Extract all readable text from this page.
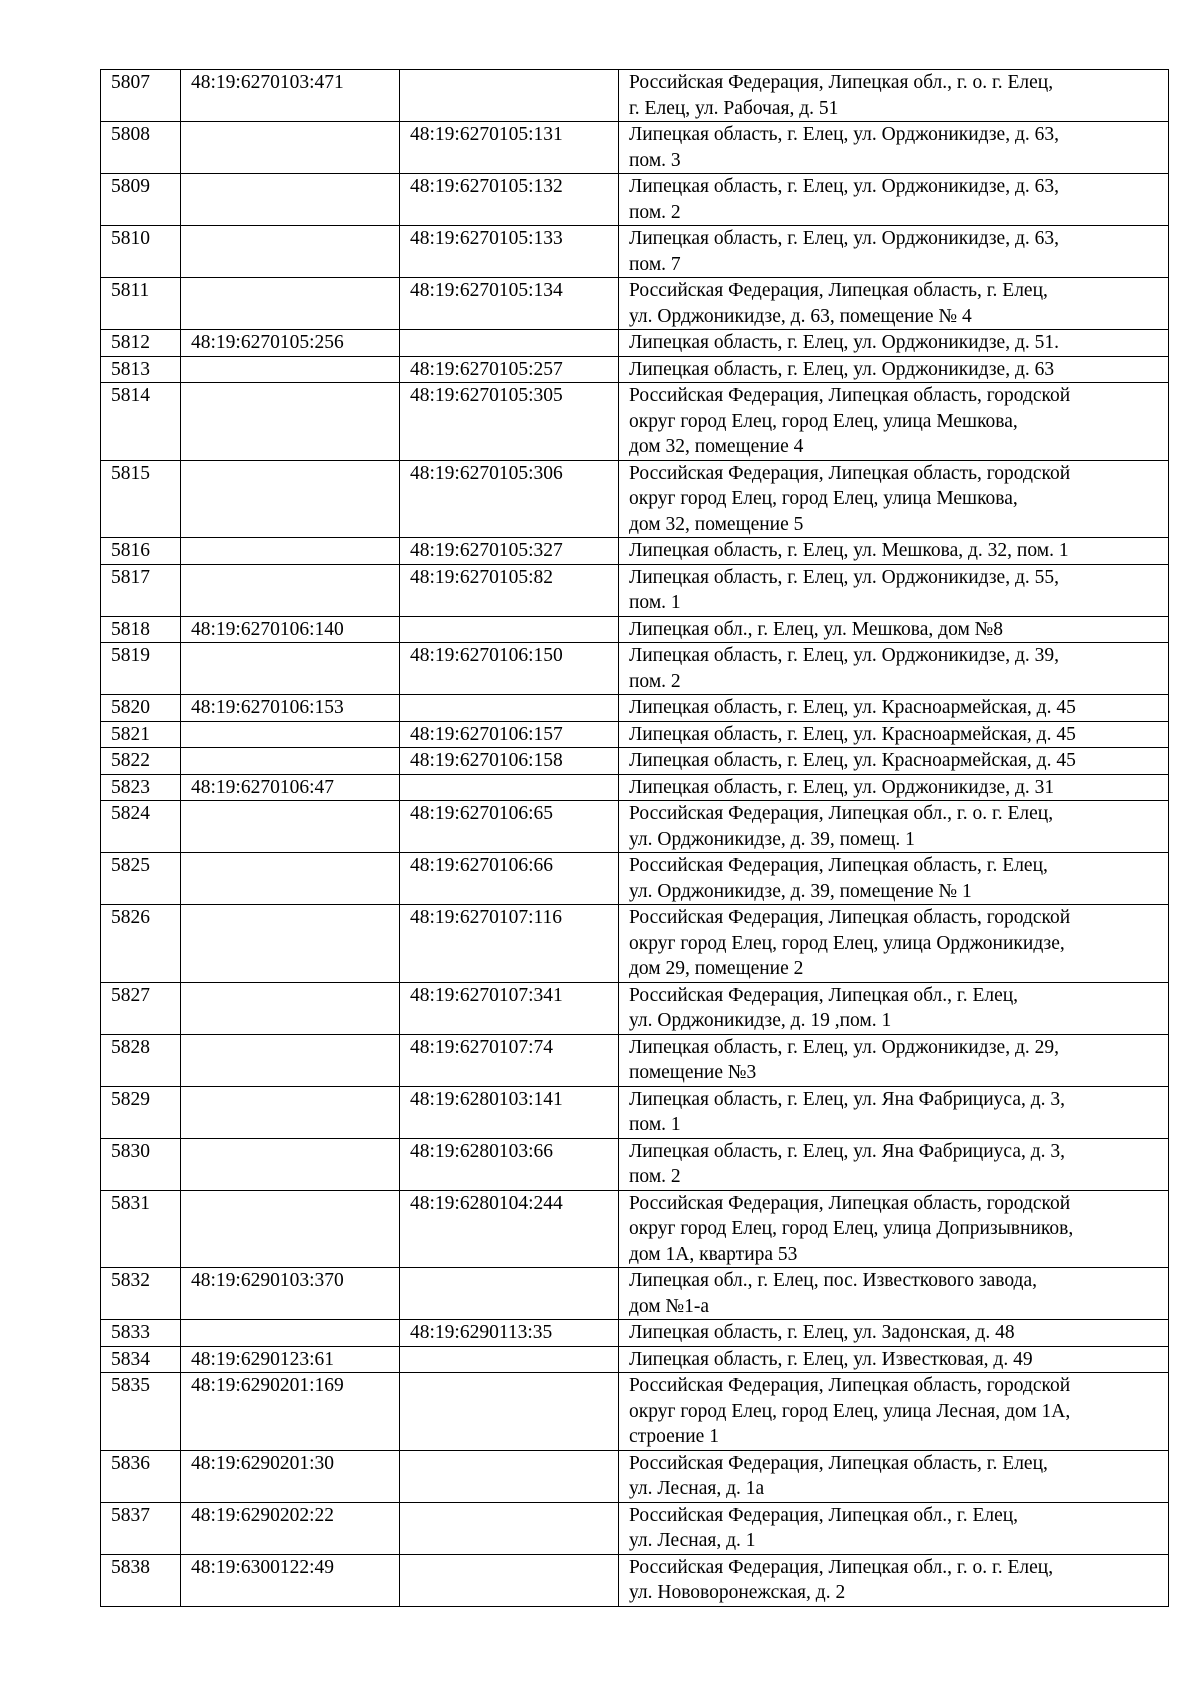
5807	48:19:6270103:471		Российская Федерация, Липецкая обл., г. о. г. Елец,
г. Елец, ул. Рабочая, д. 51
5808		48:19:6270105:131	Липецкая область, г. Елец, ул. Орджоникидзе, д. 63,
пом. 3
5809		48:19:6270105:132	Липецкая область, г. Елец, ул. Орджоникидзе, д. 63,
пом. 2
5810		48:19:6270105:133	Липецкая область, г. Елец, ул. Орджоникидзе, д. 63,
пом. 7
5811		48:19:6270105:134	Российская Федерация, Липецкая область, г. Елец,
ул. Орджоникидзе, д. 63, помещение № 4
5812	48:19:6270105:256		Липецкая область, г. Елец, ул. Орджоникидзе, д. 51.
5813		48:19:6270105:257	Липецкая область, г. Елец, ул. Орджоникидзе, д. 63
5814		48:19:6270105:305	Российская Федерация, Липецкая область, городской
округ город Елец, город Елец, улица Мешкова,
дом 32, помещение 4
5815		48:19:6270105:306	Российская Федерация, Липецкая область, городской
округ город Елец, город Елец, улица Мешкова,
дом 32, помещение 5
5816		48:19:6270105:327	Липецкая область, г. Елец, ул. Мешкова, д. 32, пом. 1
5817		48:19:6270105:82	Липецкая область, г. Елец, ул. Орджоникидзе, д. 55,
пом. 1
5818	48:19:6270106:140		Липецкая обл., г. Елец, ул. Мешкова, дом №8
5819		48:19:6270106:150	Липецкая область, г. Елец, ул. Орджоникидзе, д. 39,
пом. 2
5820	48:19:6270106:153		Липецкая область, г. Елец, ул. Красноармейская, д. 45
5821		48:19:6270106:157	Липецкая область, г. Елец, ул. Красноармейская, д. 45
5822		48:19:6270106:158	Липецкая область, г. Елец, ул. Красноармейская, д. 45
5823	48:19:6270106:47		Липецкая область, г. Елец, ул. Орджоникидзе, д. 31
5824		48:19:6270106:65	Российская Федерация, Липецкая обл., г. о. г. Елец,
ул. Орджоникидзе, д. 39, помещ. 1
5825		48:19:6270106:66	Российская Федерация, Липецкая область, г. Елец,
ул. Орджоникидзе, д. 39, помещение № 1
5826		48:19:6270107:116	Российская Федерация, Липецкая область, городской
округ город Елец, город Елец, улица Орджоникидзе,
дом 29, помещение 2
5827		48:19:6270107:341	Российская Федерация, Липецкая обл., г. Елец,
ул. Орджоникидзе, д. 19 ,пом. 1
5828		48:19:6270107:74	Липецкая область, г. Елец, ул. Орджоникидзе, д. 29,
помещение №3
5829		48:19:6280103:141	Липецкая область, г. Елец, ул. Яна Фабрициуса, д. 3,
пом. 1
5830		48:19:6280103:66	Липецкая область, г. Елец, ул. Яна Фабрициуса, д. 3,
пом. 2
5831		48:19:6280104:244	Российская Федерация, Липецкая область, городской
округ город Елец, город Елец, улица Допризывников,
дом 1А, квартира 53
5832	48:19:6290103:370		Липецкая обл., г. Елец, пос. Известкового завода,
дом №1-а
5833		48:19:6290113:35	Липецкая область, г. Елец, ул. Задонская, д. 48
5834	48:19:6290123:61		Липецкая область, г. Елец, ул. Известковая, д. 49
5835	48:19:6290201:169		Российская Федерация, Липецкая область, городской
округ город Елец, город Елец, улица Лесная, дом 1А,
строение 1
5836	48:19:6290201:30		Российская Федерация, Липецкая область, г. Елец,
ул. Лесная, д. 1а
5837	48:19:6290202:22		Российская Федерация, Липецкая обл., г. Елец,
ул. Лесная, д. 1
5838	48:19:6300122:49		Российская Федерация, Липецкая обл., г. о. г. Елец,
ул. Нововоронежская, д. 2
